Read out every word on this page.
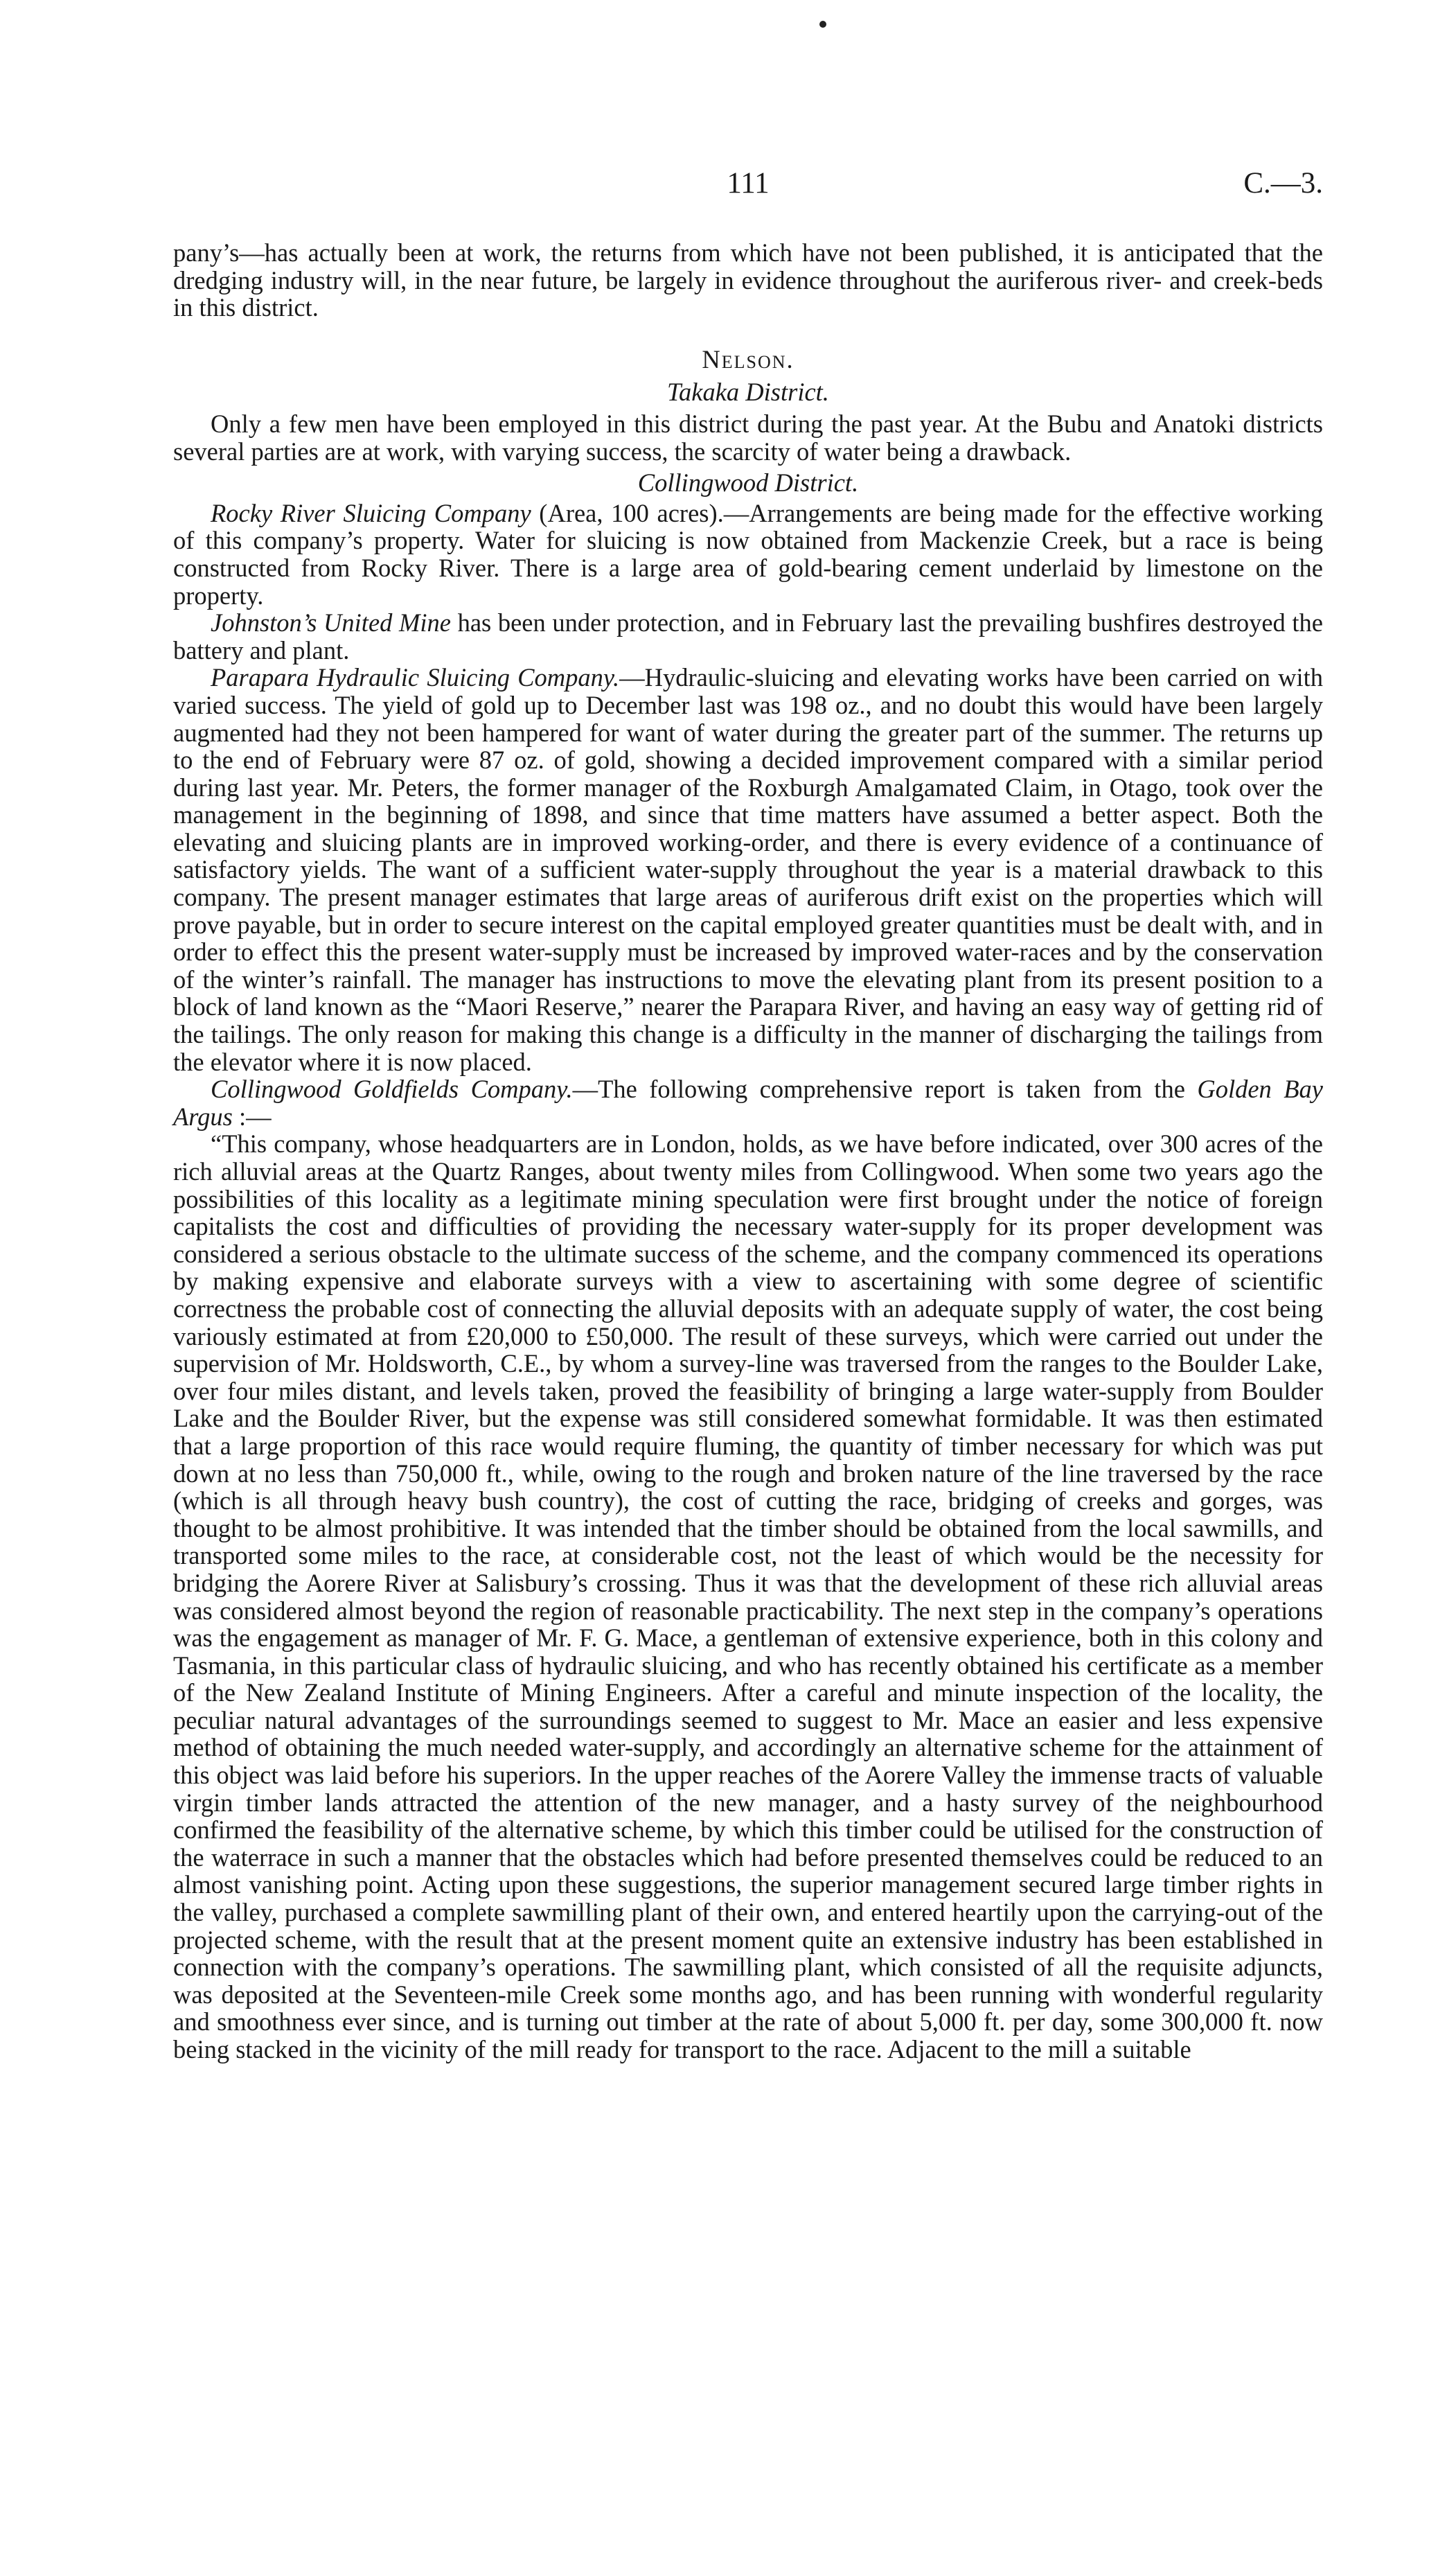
111	C.—3.

pany’s—has actually been at work, the returns from which have not been published, it is anticipated that the dredging industry will, in the near future, be largely in evidence throughout the auriferous river- and creek-beds in this district.

Nelson.

Takaka District.

Only a few men have been employed in this district during the past year. At the Bubu and Anatoki districts several parties are at work, with varying success, the scarcity of water being a drawback.

Collingwood District.

Rocky River Sluicing Company (Area, 100 acres).—Arrangements are being made for the effective working of this company’s property. Water for sluicing is now obtained from Mackenzie Creek, but a race is being constructed from Rocky River. There is a large area of gold-bearing cement underlaid by limestone on the property.

Johnston’s United Mine has been under protection, and in February last the prevailing bushfires destroyed the battery and plant.

Parapara Hydraulic Sluicing Company.—Hydraulic-sluicing and elevating works have been carried on with varied success. The yield of gold up to December last was 198 oz., and no doubt this would have been largely augmented had they not been hampered for want of water during the greater part of the summer. The returns up to the end of February were 87 oz. of gold, showing a decided improvement compared with a similar period during last year. Mr. Peters, the former manager of the Roxburgh Amalgamated Claim, in Otago, took over the management in the beginning of 1898, and since that time matters have assumed a better aspect. Both the elevating and sluicing plants are in improved working-order, and there is every evidence of a continuance of satisfactory yields. The want of a sufficient water-supply throughout the year is a material drawback to this company. The present manager estimates that large areas of auriferous drift exist on the properties which will prove payable, but in order to secure interest on the capital employed greater quantities must be dealt with, and in order to effect this the present water-supply must be increased by improved water-races and by the conservation of the winter’s rainfall. The manager has instructions to move the elevating plant from its present position to a block of land known as the “Maori Reserve,” nearer the Parapara River, and having an easy way of getting rid of the tailings. The only reason for making this change is a difficulty in the manner of discharging the tailings from the elevator where it is now placed.

Collingwood Goldfields Company.—The following comprehensive report is taken from the Golden Bay Argus :—

“This company, whose headquarters are in London, holds, as we have before indicated, over 300 acres of the rich alluvial areas at the Quartz Ranges, about twenty miles from Collingwood. When some two years ago the possibilities of this locality as a legitimate mining speculation were first brought under the notice of foreign capitalists the cost and difficulties of providing the necessary water-supply for its proper development was considered a serious obstacle to the ultimate success of the scheme, and the company commenced its operations by making expensive and elaborate surveys with a view to ascertaining with some degree of scientific correctness the probable cost of connecting the alluvial deposits with an adequate supply of water, the cost being variously estimated at from £20,000 to £50,000. The result of these surveys, which were carried out under the supervision of Mr. Holdsworth, C.E., by whom a survey-line was traversed from the ranges to the Boulder Lake, over four miles distant, and levels taken, proved the feasibility of bringing a large water-supply from Boulder Lake and the Boulder River, but the expense was still considered somewhat formidable. It was then estimated that a large proportion of this race would require fluming, the quantity of timber necessary for which was put down at no less than 750,000 ft., while, owing to the rough and broken nature of the line traversed by the race (which is all through heavy bush country), the cost of cutting the race, bridging of creeks and gorges, was thought to be almost prohibitive. It was intended that the timber should be obtained from the local sawmills, and transported some miles to the race, at considerable cost, not the least of which would be the necessity for bridging the Aorere River at Salisbury’s crossing. Thus it was that the development of these rich alluvial areas was considered almost beyond the region of reasonable practicability. The next step in the company’s operations was the engagement as manager of Mr. F. G. Mace, a gentleman of extensive experience, both in this colony and Tasmania, in this particular class of hydraulic sluicing, and who has recently obtained his certificate as a member of the New Zealand Institute of Mining Engineers. After a careful and minute inspection of the locality, the peculiar natural advantages of the surroundings seemed to suggest to Mr. Mace an easier and less expensive method of obtaining the much needed water-supply, and accordingly an alternative scheme for the attainment of this object was laid before his superiors. In the upper reaches of the Aorere Valley the immense tracts of valuable virgin timber lands attracted the attention of the new manager, and a hasty survey of the neighbourhood confirmed the feasibility of the alternative scheme, by which this timber could be utilised for the construction of the waterrace in such a manner that the obstacles which had before presented themselves could be reduced to an almost vanishing point. Acting upon these suggestions, the superior management secured large timber rights in the valley, purchased a complete sawmilling plant of their own, and entered heartily upon the carrying-out of the projected scheme, with the result that at the present moment quite an extensive industry has been established in connection with the company’s operations. The sawmilling plant, which consisted of all the requisite adjuncts, was deposited at the Seventeen-mile Creek some months ago, and has been running with wonderful regularity and smoothness ever since, and is turning out timber at the rate of about 5,000 ft. per day, some 300,000 ft. now being stacked in the vicinity of the mill ready for transport to the race. Adjacent to the mill a suitable
